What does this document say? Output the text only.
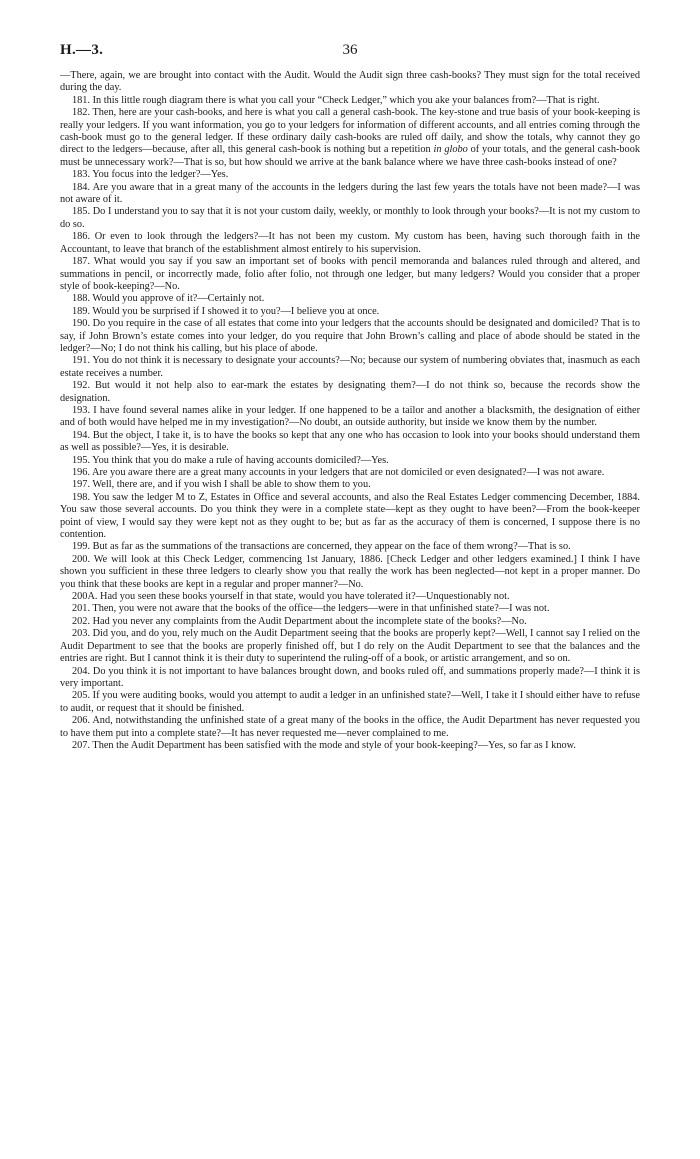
H.—3.	36

—There, again, we are brought into contact with the Audit. Would the Audit sign three cash-books? They must sign for the total received during the day.

181. In this little rough diagram there is what you call your “Check Ledger,” which you ake your balances from?—That is right.

182. Then, here are your cash-books, and here is what you call a general cash-book. The key-stone and true basis of your book-keeping is really your ledgers. If you want information, you go to your ledgers for information of different accounts, and all entries coming through the cash-book must go to the general ledger. If these ordinary daily cash-books are ruled off daily, and show the totals, why cannot they go direct to the ledgers—because, after all, this general cash-book is nothing but a repetition in globo of your totals, and the general cash-book must be unnecessary work?—That is so, but how should we arrive at the bank balance where we have three cash-books instead of one?

183. You focus into the ledger?—Yes.

184. Are you aware that in a great many of the accounts in the ledgers during the last few years the totals have not been made?—I was not aware of it.

185. Do I understand you to say that it is not your custom daily, weekly, or monthly to look through your books?—It is not my custom to do so.

186. Or even to look through the ledgers?—It has not been my custom. My custom has been, having such thorough faith in the Accountant, to leave that branch of the establishment almost entirely to his supervision.

187. What would you say if you saw an important set of books with pencil memoranda and balances ruled through and altered, and summations in pencil, or incorrectly made, folio after folio, not through one ledger, but many ledgers? Would you consider that a proper style of book-keeping?—No.

188. Would you approve of it?—Certainly not.

189. Would you be surprised if I showed it to you?—I believe you at once.

190. Do you require in the case of all estates that come into your ledgers that the accounts should be designated and domiciled? That is to say, if John Brown’s estate comes into your ledger, do you require that John Brown’s calling and place of abode should be stated in the ledger?—No; I do not think his calling, but his place of abode.

191. You do not think it is necessary to designate your accounts?—No; because our system of numbering obviates that, inasmuch as each estate receives a number.

192. But would it not help also to ear-mark the estates by designating them?—I do not think so, because the records show the designation.

193. I have found several names alike in your ledger. If one happened to be a tailor and another a blacksmith, the designation of either and of both would have helped me in my investigation?—No doubt, an outside authority, but inside we know them by the number.

194. But the object, I take it, is to have the books so kept that any one who has occasion to look into your books should understand them as well as possible?—Yes, it is desirable.

195. You think that you do make a rule of having accounts domiciled?—Yes.

196. Are you aware there are a great many accounts in your ledgers that are not domiciled or even designated?—I was not aware.

197. Well, there are, and if you wish I shall be able to show them to you.

198. You saw the ledger M to Z, Estates in Office and several accounts, and also the Real Estates Ledger commencing December, 1884. You saw those several accounts. Do you think they were in a complete state—kept as they ought to have been?—From the book-keeper point of view, I would say they were kept not as they ought to be; but as far as the accuracy of them is concerned, I suppose there is no contention.

199. But as far as the summations of the transactions are concerned, they appear on the face of them wrong?—That is so.

200. We will look at this Check Ledger, commencing 1st January, 1886. [Check Ledger and other ledgers examined.] I think I have shown you sufficient in these three ledgers to clearly show you that really the work has been neglected—not kept in a proper manner. Do you think that these books are kept in a regular and proper manner?—No.

200A. Had you seen these books yourself in that state, would you have tolerated it?—Unquestionably not.

201. Then, you were not aware that the books of the office—the ledgers—were in that unfinished state?—I was not.

202. Had you never any complaints from the Audit Department about the incomplete state of the books?—No.

203. Did you, and do you, rely much on the Audit Department seeing that the books are properly kept?—Well, I cannot say I relied on the Audit Department to see that the books are properly finished off, but I do rely on the Audit Department to see that the balances and the entries are right. But I cannot think it is their duty to superintend the ruling-off of a book, or artistic arrangement, and so on.

204. Do you think it is not important to have balances brought down, and books ruled off, and summations properly made?—I think it is very important.

205. If you were auditing books, would you attempt to audit a ledger in an unfinished state?—Well, I take it I should either have to refuse to audit, or request that it should be finished.

206. And, notwithstanding the unfinished state of a great many of the books in the office, the Audit Department has never requested you to have them put into a complete state?—It has never requested me—never complained to me.

207. Then the Audit Department has been satisfied with the mode and style of your book-keeping?—Yes, so far as I know.
